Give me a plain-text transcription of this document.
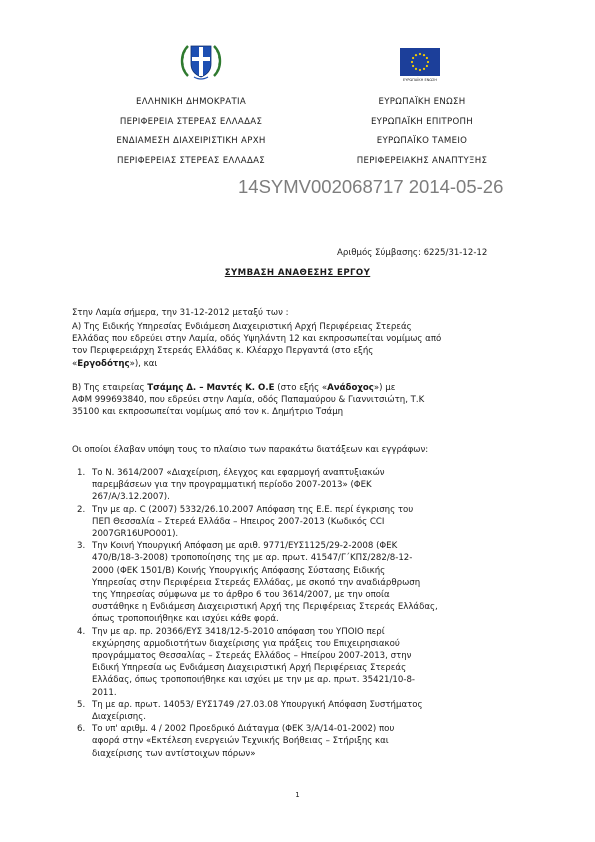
ΕΥΡΩΠΑΪΚΗ ΕΝΩΣΗ
ΕΛΛΗΝΙΚΗ ΔΗΜΟΚΡΑΤΙΑ
ΠΕΡΙΦΕΡΕΙΑ ΣΤΕΡΕΑΣ ΕΛΛΑΔΑΣ
ΕΝΔΙΑΜΕΣΗ ΔΙΑΧΕΙΡΙΣΤΙΚΗ ΑΡΧΗ
ΠΕΡΙΦΕΡΕΙΑΣ ΣΤΕΡΕΑΣ ΕΛΛΑΔΑΣ
ΕΥΡΩΠΑΪΚΗ ΕΝΩΣΗ
ΕΥΡΩΠΑΪΚΗ ΕΠΙΤΡΟΠΗ
ΕΥΡΩΠΑΪΚΟ ΤΑΜΕΙΟ
ΠΕΡΙΦΕΡΕΙΑΚΗΣ ΑΝΑΠΤΥΞΗΣ
14SYMV002068717 2014-05-26
Αριθμός Σύμβασης: 6225/31-12-12
ΣΥΜΒΑΣΗ ΑΝΑΘΕΣΗΣ ΕΡΓΟΥ
Στην Λαμία σήμερα, την 31-12-2012 μεταξύ των :
Α) Της Ειδικής Υπηρεσίας Ενδιάμεση Διαχειριστική Αρχή Περιφέρειας Στερεάς
Ελλάδας που εδρεύει στην Λαμία, οδός Υψηλάντη 12 και εκπροσωπείται νομίμως από
τον Περιφερειάρχη Στερεάς Ελλάδας κ. Κλέαρχο Περγαντά (στο εξής
«Εργοδότης»), και
Β) Της εταιρείας Τσάμης Δ. – Μαντές Κ. Ο.Ε (στο εξής «Ανάδοχος») με
ΑΦΜ 999693840, που εδρεύει στην Λαμία, οδός Παπαμαύρου & Γιαννιτσιώτη, Τ.Κ
35100 και εκπροσωπείται νομίμως από τον κ. Δημήτριο Τσάμη
Οι οποίοι έλαβαν υπόψη τους το πλαίσιο των παρακάτω διατάξεων και εγγράφων:
1. Το Ν. 3614/2007 «Διαχείριση, έλεγχος και εφαρμογή αναπτυξιακών
παρεμβάσεων για την προγραμματική περίοδο 2007-2013» (ΦΕΚ
267/Α/3.12.2007).
2. Την με αρ. C (2007) 5332/26.10.2007 Απόφαση της Ε.Ε. περί έγκρισης του
ΠΕΠ Θεσσαλία – Στερεά Ελλάδα – Ηπειρος 2007-2013 (Κωδικός CCI
2007GR16UPO001).
3. Την Κοινή Υπουργική Απόφαση με αριθ. 9771/ΕΥΣ1125/29-2-2008 (ΦΕΚ
470/Β/18-3-2008) τροποποίησης της με αρ. πρωτ. 41547/Γ΄ΚΠΣ/282/8-12-
2000 (ΦΕΚ 1501/Β) Κοινής Υπουργικής Απόφασης Σύστασης Ειδικής
Υπηρεσίας στην Περιφέρεια Στερεάς Ελλάδας, με σκοπό την αναδιάρθρωση
της Υπηρεσίας σύμφωνα με το άρθρο 6 του 3614/2007, με την οποία
συστάθηκε η Ενδιάμεση Διαχειριστική Αρχή της Περιφέρειας Στερεάς Ελλάδας,
όπως τροποποιήθηκε και ισχύει κάθε φορά.
4. Την με αρ. πρ. 20366/ΕΥΣ 3418/12-5-2010 απόφαση του ΥΠΟΙΟ περί
εκχώρησης αρμοδιοτήτων διαχείρισης για πράξεις του Επιχειρησιακού
προγράμματος Θεσσαλίας – Στερεάς Ελλάδος – Ηπείρου 2007-2013, στην
Ειδική Υπηρεσία ως Ενδιάμεση Διαχειριστική Αρχή Περιφέρειας Στερεάς
Ελλάδας, όπως τροποποιήθηκε και ισχύει με την με αρ. πρωτ. 35421/10-8-
2011.
5. Τη με αρ. πρωτ. 14053/ ΕΥΣ1749 /27.03.08 Υπουργική Απόφαση Συστήματος
Διαχείρισης.
6. Το υπ' αριθμ. 4 / 2002 Προεδρικό Διάταγμα (ΦΕΚ 3/Α/14-01-2002) που
αφορά στην «Εκτέλεση ενεργειών Τεχνικής Βοήθειας – Στήριξης και
διαχείρισης των αντίστοιχων πόρων»
1
